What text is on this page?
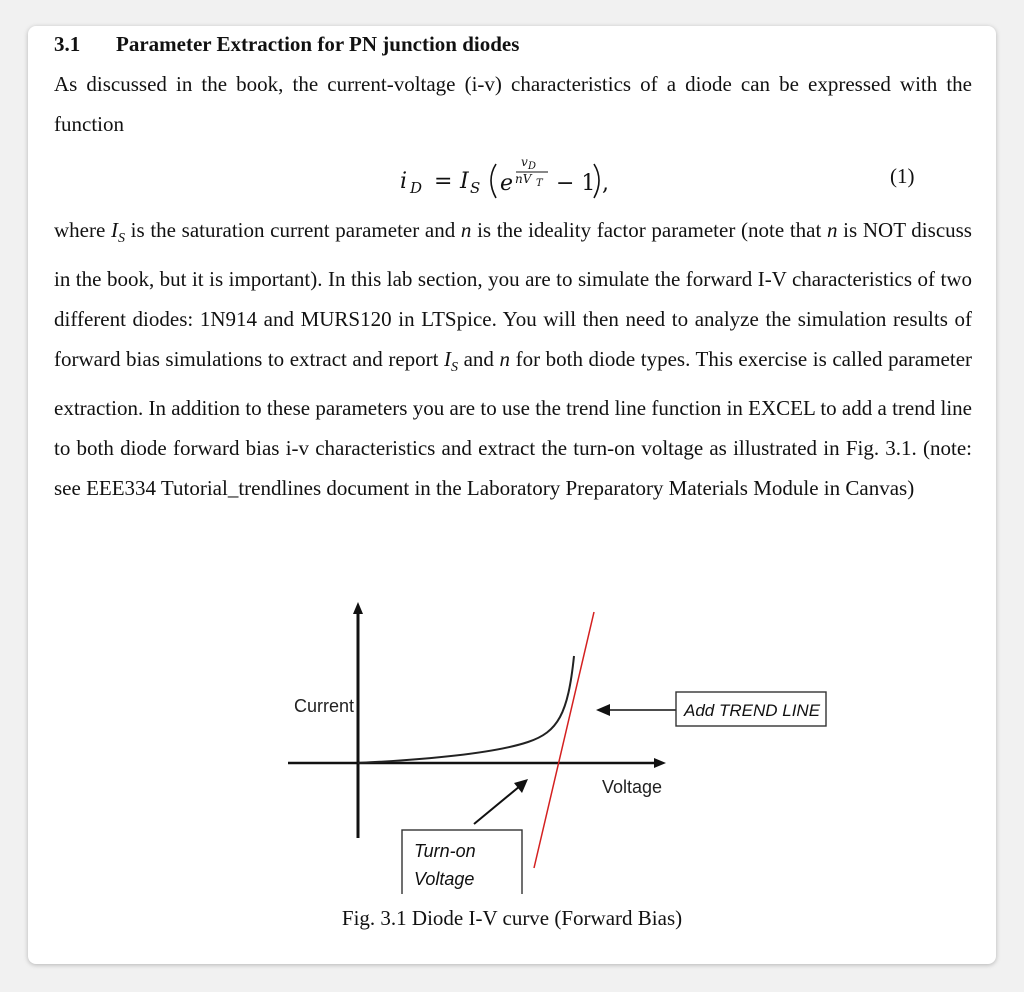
3.1 Parameter Extraction for PN junction diodes
As discussed in the book, the current-voltage (i-v) characteristics of a diode can be expressed with the function
i D = I S e
v D
nV T − 1 ,	(1)
where $I_S$ is the saturation current parameter and n is the ideality factor parameter (note that n is NOT discuss in the book, but it is important). In this lab section, you are to simulate the forward I-V characteristics of two different diodes: 1N914 and MURS120 in LTSpice. You will then need to analyze the simulation results of forward bias simulations to extract and report $I_S$ and n for both diode types. This exercise is called parameter extraction. In addition to these parameters you are to use the trend line function in EXCEL to add a trend line to both diode forward bias i-v characteristics and extract the turn-on voltage as illustrated in Fig. 3.1. (note: see EEE334 Tutorial_trendlines document in the Laboratory Preparatory Materials Module in Canvas)
Current
Voltage
Add TREND LINE
Turn-on
Voltage
Fig. 3.1 Diode I-V curve (Forward Bias)
